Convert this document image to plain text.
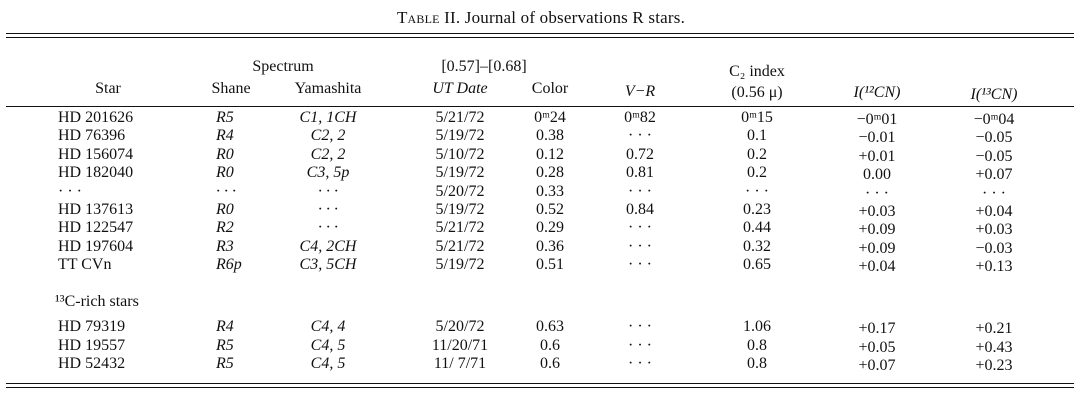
Table II. Journal of observations R stars.
Spectrum	[0.57]–[0.68]	C₂ index
Star	Shane	Yamashita	UT Date	Color	V−R	(0.56 μ)	I(¹²CN)	I(¹³CN)
HD 201626	R5	C1, 1CH	5/21/72	0ᵐ24	0ᵐ82	0ᵐ15	−0ᵐ01	−0ᵐ04
HD 76396	R4	C2, 2	5/19/72	0.38	· · ·	0.1	−0.01	−0.05
HD 156074	R0	C2, 2	5/10/72	0.12	0.72	0.2	+0.01	−0.05
HD 182040	R0	C3, 5p	5/19/72	0.28	0.81	0.2	0.00	+0.07
· · ·	· · ·	· · ·	5/20/72	0.33	· · ·	· · ·	· · ·	· · ·
HD 137613	R0	· · ·	5/19/72	0.52	0.84	0.23	+0.03	+0.04
HD 122547	R2	· · ·	5/21/72	0.29	· · ·	0.44	+0.09	+0.03
HD 197604	R3	C4, 2CH	5/21/72	0.36	· · ·	0.32	+0.09	−0.03
TT CVn	R6p	C3, 5CH	5/19/72	0.51	· · ·	0.65	+0.04	+0.13
¹³C-rich stars
HD 79319	R4	C4, 4	5/20/72	0.63	· · ·	1.06	+0.17	+0.21
HD 19557	R5	C4, 5	11/20/71	0.6	· · ·	0.8	+0.05	+0.43
HD 52432	R5	C4, 5	11/ 7/71	0.6	· · ·	0.8	+0.07	+0.23
